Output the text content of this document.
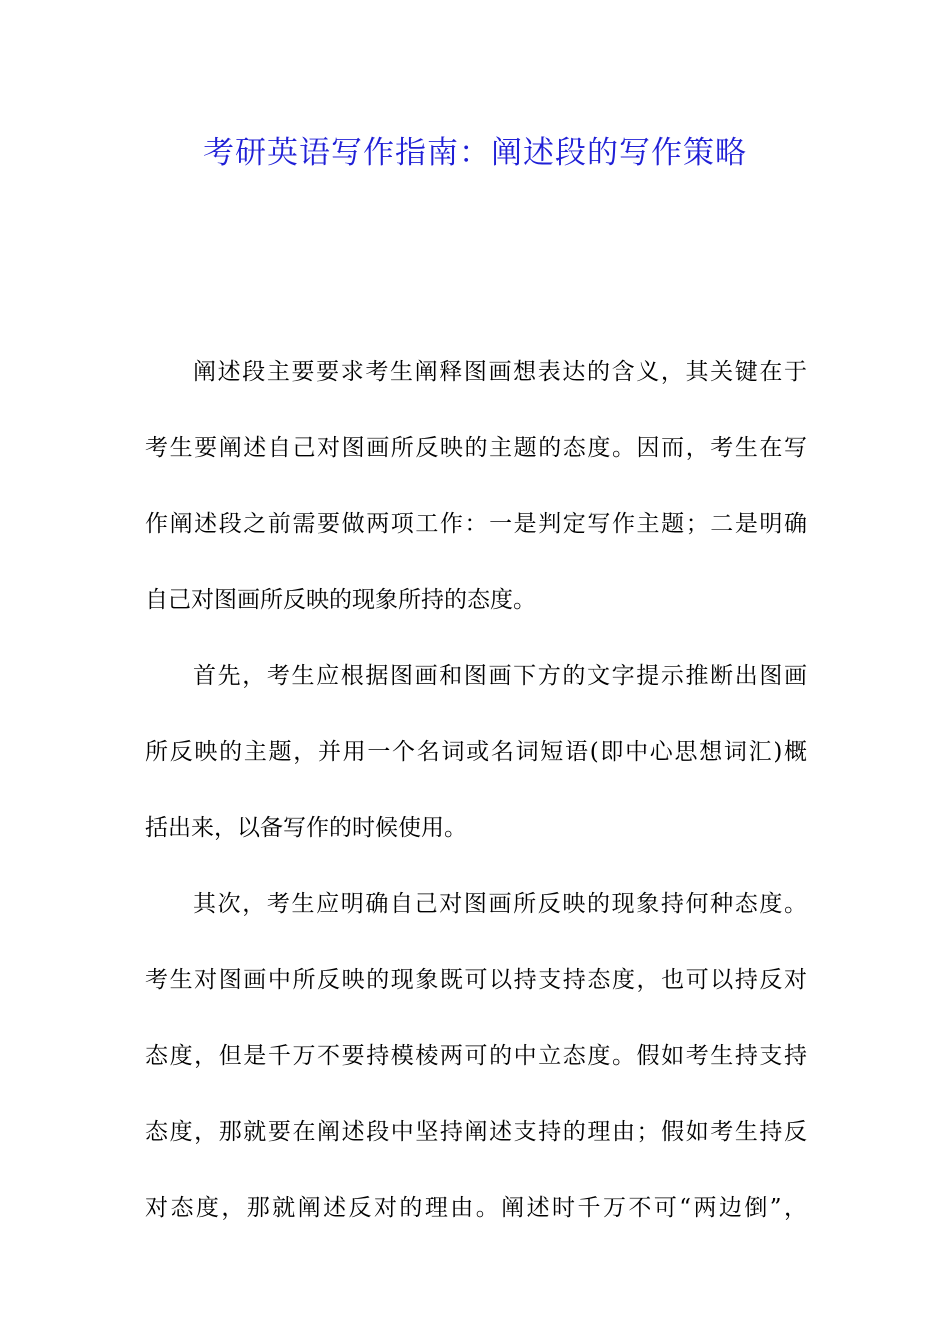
考研英语写作指南：阐述段的写作策略
阐述段主要要求考生阐释图画想表达的含义，其关键在于
考生要阐述自己对图画所反映的主题的态度。因而，考生在写
作阐述段之前需要做两项工作：一是判定写作主题；二是明确
自己对图画所反映的现象所持的态度。
首先，考生应根据图画和图画下方的文字提示推断出图画
所反映的主题，并用一个名词或名词短语(即中心思想词汇)概
括出来，以备写作的时候使用。
其次，考生应明确自己对图画所反映的现象持何种态度。
考生对图画中所反映的现象既可以持支持态度，也可以持反对
态度，但是千万不要持模棱两可的中立态度。假如考生持支持
态度，那就要在阐述段中坚持阐述支持的理由；假如考生持反
对态度，那就阐述反对的理由。阐述时千万不可“两边倒”，
